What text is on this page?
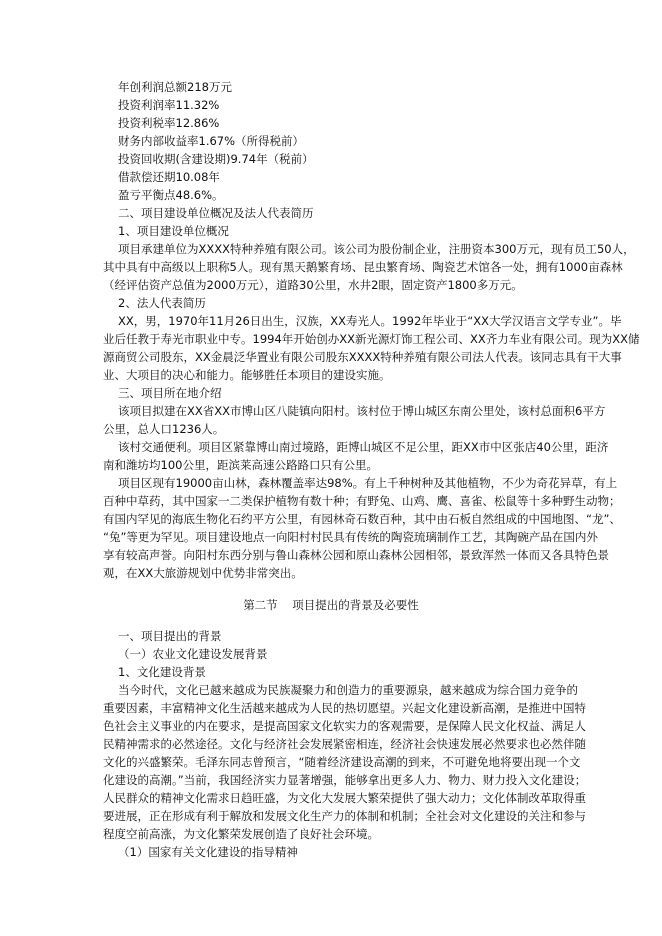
年创利润总额218万元
投资利润率11.32%
投资利税率12.86%
财务内部收益率1.67%（所得税前）
投资回收期(含建设期)9.74年（税前）
借款偿还期10.08年
盈亏平衡点48.6%。
二、项目建设单位概况及法人代表简历
1、项目建设单位概况
项目承建单位为XXXX特种养殖有限公司。该公司为股份制企业，注册资本300万元，现有员工50人，
其中具有中高级以上职称5人。现有黑天鹅繁育场、昆虫繁育场、陶瓷艺术馆各一处，拥有1000亩森林
（经评估资产总值为2000万元），道路30公里，水井2眼，固定资产1800多万元。
2、法人代表简历
XX，男，1970年11月26日出生，汉族，XX寿光人。1992年毕业于“XX大学汉语言文学专业”。毕
业后任教于寿光市职业中专。1994年开始创办XX新光源灯饰工程公司、XX齐力车业有限公司。现为XX储
源商贸公司股东，XX金晨泛华置业有限公司股东XXXX特种养殖有限公司法人代表。该同志具有干大事
业、大项目的决心和能力。能够胜任本项目的建设实施。
三、项目所在地介绍
该项目拟建在XX省XX市博山区八陡镇向阳村。该村位于博山城区东南公里处，该村总面积6平方
公里，总人口1236人。
该村交通便利。项目区紧靠博山南过境路，距博山城区不足公里，距XX市中区张店40公里，距济
南和潍坊均100公里，距滨莱高速公路路口只有公里。
项目区现有19000亩山林，森林覆盖率达98%。有上千种树种及其他植物，不少为奇花异草，有上
百种中草药，其中国家一二类保护植物有数十种；有野兔、山鸡、鹰、喜雀、松鼠等十多种野生动物；
有国内罕见的海底生物化石约平方公里，有园林奇石数百种，其中由石板自然组成的中国地图、“龙”、
“兔”等更为罕见。项目建设地点一向阳村村民具有传统的陶瓷琉璃制作工艺，其陶碗产品在国内外
享有较高声誉。向阳村东西分别与鲁山森林公园和原山森林公园相邻，景致浑然一体而又各具特色景
观，在XX大旅游规划中优势非常突出。
第二节    项目提出的背景及必要性
一、项目提出的背景
（一）农业文化建设发展背景
1、文化建设背景
当今时代，文化已越来越成为民族凝聚力和创造力的重要源泉，越来越成为综合国力竞争的
重要因素，丰富精神文化生活越来越成为人民的热切愿望。兴起文化建设新高潮，是推进中国特
色社会主义事业的内在要求，是提高国家文化软实力的客观需要，是保障人民文化权益、满足人
民精神需求的必然途径。文化与经济社会发展紧密相连，经济社会快速发展必然要求也必然伴随
文化的兴盛繁荣。毛泽东同志曾预言，“随着经济建设高潮的到来，不可避免地将要出现一个文
化建设的高潮。”当前，我国经济实力显著增强，能够拿出更多人力、物力、财力投入文化建设；
人民群众的精神文化需求日趋旺盛，为文化大发展大繁荣提供了强大动力；文化体制改革取得重
要进展，正在形成有利于解放和发展文化生产力的体制和机制；全社会对文化建设的关注和参与
程度空前高涨，为文化繁荣发展创造了良好社会环境。
（1）国家有关文化建设的指导精神
